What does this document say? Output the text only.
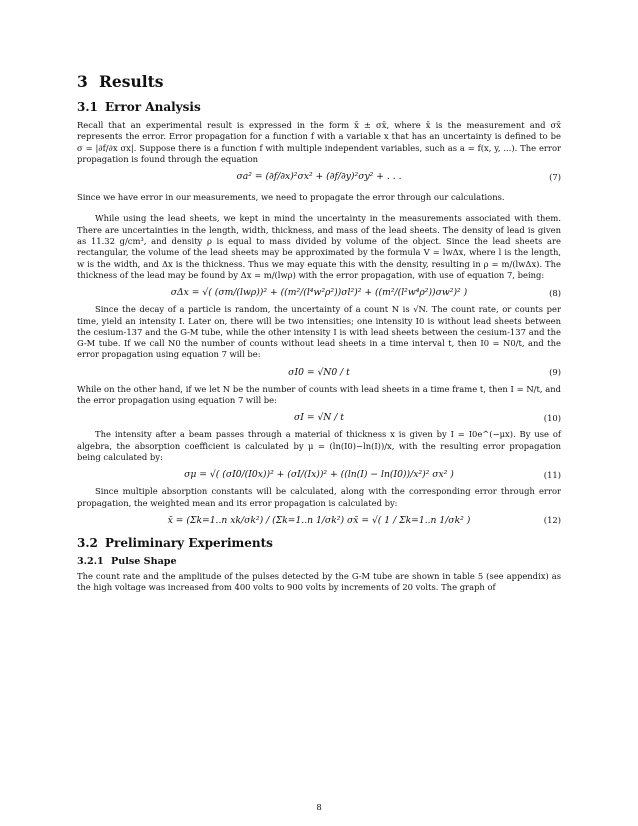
3 Results
3.1 Error Analysis

Recall that an experimental result is expressed in the form x̄ ± σx̄, where x̄ is the measurement and σx̄ represents the error. Error propagation for a function f with a variable x that has an uncertainty is defined to be σ = |∂f/∂x σx|. Suppose there is a function f with multiple independent variables, such as a = f(x, y, ...). The error propagation is found through the equation

σa² = (∂f/∂x)²σx² + (∂f/∂y)²σy² + . . .	(7)

Since we have error in our measurements, we need to propagate the error through our calculations.

While using the lead sheets, we kept in mind the uncertainty in the measurements associated with them. There are uncertainties in the length, width, thickness, and mass of the lead sheets. The density of lead is given as 11.32 g/cm³, and density ρ is equal to mass divided by volume of the object. Since the lead sheets are rectangular, the volume of the lead sheets may be approximated by the formula V = lwΔx, where l is the length, w is the width, and Δx is the thickness. Thus we may equate this with the density, resulting in ρ = m/(lwΔx). The thickness of the lead may be found by Δx = m/(lwρ) with the error propagation, with use of equation 7, being:

σΔx = √( (σm/(lwρ))² + ((m²/(l⁴w²ρ²))σl²)² + ((m²/(l²w⁴ρ²))σw²)² )	(8)

Since the decay of a particle is random, the uncertainty of a count N is √N. The count rate, or counts per time, yield an intensity I. Later on, there will be two intensities; one intensity I0 is without lead sheets between the cesium-137 and the G-M tube, while the other intensity I is with lead sheets between the cesium-137 and the G-M tube. If we call N0 the number of counts without lead sheets in a time interval t, then I0 = N0/t, and the error propagation using equation 7 will be:

σI0 = √N0 / t	(9)

While on the other hand, if we let N be the number of counts with lead sheets in a time frame t, then I = N/t, and the error propagation using equation 7 will be:

σI = √N / t	(10)

The intensity after a beam passes through a material of thickness x is given by I = I0e^(−μx). By use of algebra, the absorption coefficient is calculated by μ = (ln(I0)−ln(I))/x, with the resulting error propagation being calculated by:

σμ = √( (σI0/(I0x))² + (σI/(Ix))² + ((ln(I) − ln(I0))/x²)² σx² )	(11)

Since multiple absorption constants will be calculated, along with the corresponding error through error propagation, the weighted mean and its error propagation is calculated by:

x̄ = (Σk=1..n xk/σk²) / (Σk=1..n 1/σk²) σx̄ = √( 1 / Σk=1..n 1/σk² )	(12)
3.2 Preliminary Experiments
3.2.1 Pulse Shape

The count rate and the amplitude of the pulses detected by the G-M tube are shown in table 5 (see appendix) as the high voltage was increased from 400 volts to 900 volts by increments of 20 volts. The graph of

8
